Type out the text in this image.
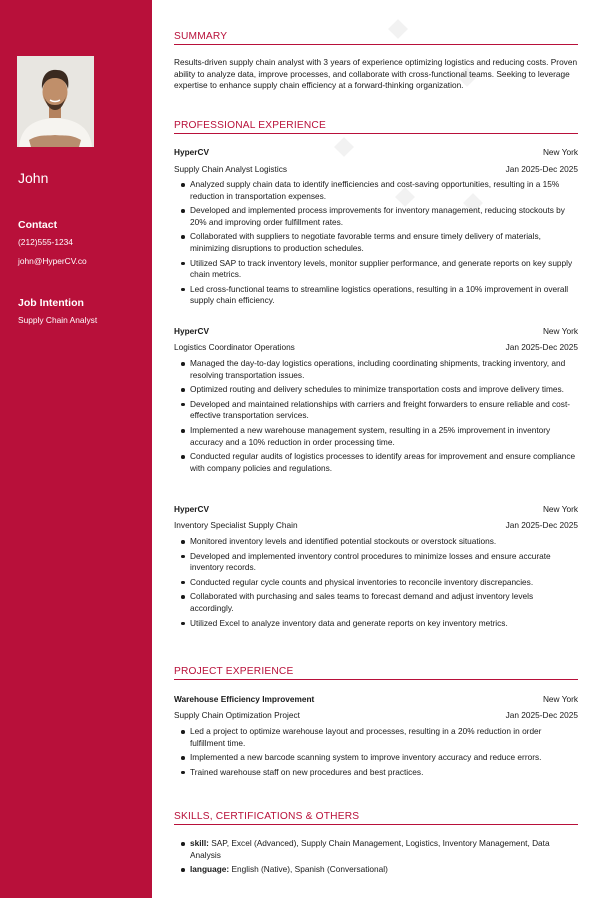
John
Contact
(212)555-1234
john@HyperCV.co
Job Intention
Supply Chain Analyst
SUMMARY
Results-driven supply chain analyst with 3 years of experience optimizing logistics and reducing costs. Proven ability to analyze data, improve processes, and collaborate with cross-functional teams. Seeking to leverage expertise to enhance supply chain efficiency at a forward-thinking organization.
PROFESSIONAL EXPERIENCE
HyperCV	New York
Supply Chain Analyst Logistics	Jan 2025-Dec 2025
Analyzed supply chain data to identify inefficiencies and cost-saving opportunities, resulting in a 15% reduction in transportation expenses.
Developed and implemented process improvements for inventory management, reducing stockouts by 20% and improving order fulfillment rates.
Collaborated with suppliers to negotiate favorable terms and ensure timely delivery of materials, minimizing disruptions to production schedules.
Utilized SAP to track inventory levels, monitor supplier performance, and generate reports on key supply chain metrics.
Led cross-functional teams to streamline logistics operations, resulting in a 10% improvement in overall supply chain efficiency.
HyperCV	New York
Logistics Coordinator Operations	Jan 2025-Dec 2025
Managed the day-to-day logistics operations, including coordinating shipments, tracking inventory, and resolving transportation issues.
Optimized routing and delivery schedules to minimize transportation costs and improve delivery times.
Developed and maintained relationships with carriers and freight forwarders to ensure reliable and cost-effective transportation services.
Implemented a new warehouse management system, resulting in a 25% improvement in inventory accuracy and a 10% reduction in order processing time.
Conducted regular audits of logistics processes to identify areas for improvement and ensure compliance with company policies and regulations.
HyperCV	New York
Inventory Specialist Supply Chain	Jan 2025-Dec 2025
Monitored inventory levels and identified potential stockouts or overstock situations.
Developed and implemented inventory control procedures to minimize losses and ensure accurate inventory records.
Conducted regular cycle counts and physical inventories to reconcile inventory discrepancies.
Collaborated with purchasing and sales teams to forecast demand and adjust inventory levels accordingly.
Utilized Excel to analyze inventory data and generate reports on key inventory metrics.
PROJECT EXPERIENCE
Warehouse Efficiency Improvement	New York
Supply Chain Optimization Project	Jan 2025-Dec 2025
Led a project to optimize warehouse layout and processes, resulting in a 20% reduction in order fulfillment time.
Implemented a new barcode scanning system to improve inventory accuracy and reduce errors.
Trained warehouse staff on new procedures and best practices.
SKILLS, CERTIFICATIONS & OTHERS
skill: SAP, Excel (Advanced), Supply Chain Management, Logistics, Inventory Management, Data Analysis
language: English (Native), Spanish (Conversational)
